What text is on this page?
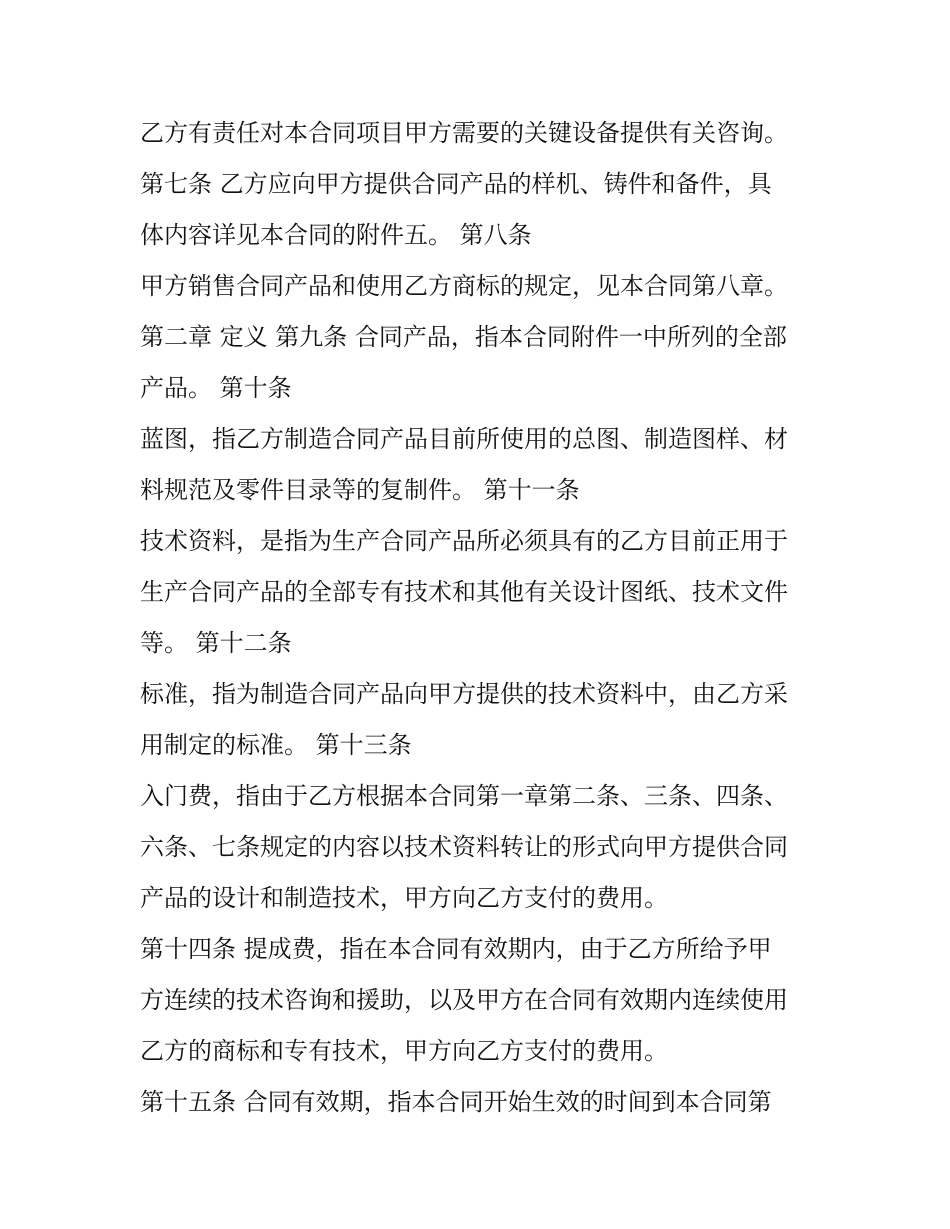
乙方有责任对本合同项目甲方需要的关键设备提供有关咨询。
第七条 乙方应向甲方提供合同产品的样机、铸件和备件，具
体内容详见本合同的附件五。 第八条
甲方销售合同产品和使用乙方商标的规定，见本合同第八章。
第二章 定义 第九条 合同产品，指本合同附件一中所列的全部
产品。 第十条
蓝图，指乙方制造合同产品目前所使用的总图、制造图样、材
料规范及零件目录等的复制件。 第十一条
技术资料，是指为生产合同产品所必须具有的乙方目前正用于
生产合同产品的全部专有技术和其他有关设计图纸、技术文件
等。 第十二条
标准，指为制造合同产品向甲方提供的技术资料中，由乙方采
用制定的标准。 第十三条
入门费，指由于乙方根据本合同第一章第二条、三条、四条、
六条、七条规定的内容以技术资料转让的形式向甲方提供合同
产品的设计和制造技术，甲方向乙方支付的费用。
第十四条 提成费，指在本合同有效期内，由于乙方所给予甲
方连续的技术咨询和援助，以及甲方在合同有效期内连续使用
乙方的商标和专有技术，甲方向乙方支付的费用。
第十五条 合同有效期，指本合同开始生效的时间到本合同第
